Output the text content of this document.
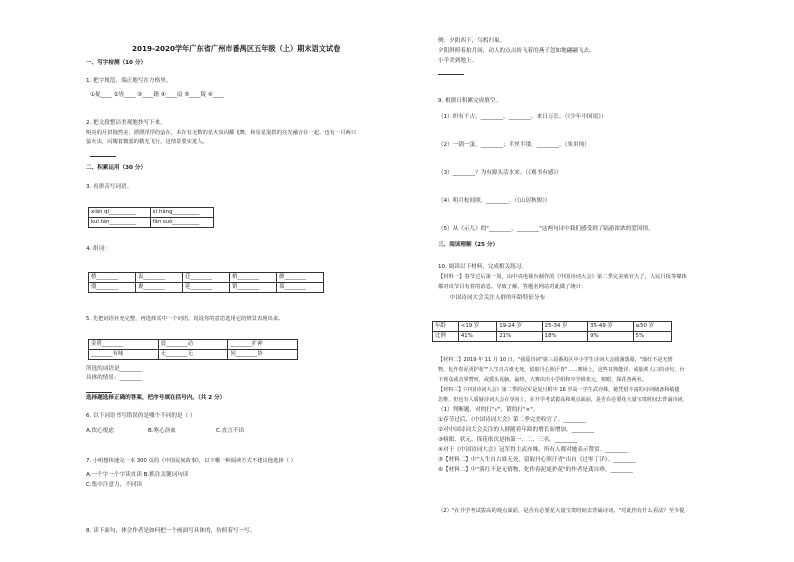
2019-2020学年广东省广州市番禺区五年级（上）期末语文试卷
一、写字检测（10 分）
1. 把字规范、端正地写在方格里。
①捉____ ②皆____ ③____籍 ④____扇 ⑤____陵 ⑥____
2. 把文段整洁美观地抄写下来。
明亮的月饼圆然美，漂漂浮浮的萤在，本在有无数的星火虫闪耀飞舞，和星星混搭的亮光融合在一起，也有一只两只
萤火虫，闪耀着微弱的微光飞行，这情景要实进人。
二、积累运用（30 分）
3. 看拼音写词语。
xiān qi__________	xī hàng__________
kuī tàn__________	fān suǒ__________
4. 组词：
楂________	衷________	廷________	梢________	蘑________
僵________	裹________	延________	销________	慕________
5. 先把词语补充完整，再选择其中一个词语，说说你的意思选用它的情景表现出来。
金碧________	震________动	________扩神
________有味	无________无	同________协
所选的词语是________
具体的情景：________
选择题选择正确的答案，把序号填在括号内。（共 2 分）
6. 以下词语书写错误的是哪个不同的是（ ）
A.饮心悦虑	B.呕心沥血	C.直言不讳
7. 小明想快速完一本 300 页的《中国民间故事》，以下哪一种阅读方式不建议他选择（ ）
A.一个字一个字读直读 B.抓住关键词句读
C.集中注意力，不回读
8. 读下面句，体会作者是如何把一个画面写具体的，仿照着写一写。
例：夕阳西下，乌鸦归巢。
夕阳斜照着拍月间，动人的点点纷飞着的燕子忽如地翩翩飞去。
小羊美到地上。
9. 根据日积累完成填空。
（1）织有千古，________，________，来日万长。（《少年中国说》）
（2）一锅一蛋，________；半丝半缕，________。（朱用纯）
（3）________？为有源头活水来。（《观书有感》）
（4）明月松间照，________。（《山居秋暝》）
（5）从《示儿》的"________，________"这两句诗中我们感受到了陆游浓浓的爱国情。
三、阅读理解（25 分）
10. 阅读以下材料，完成相关练习。
【材料一】春节过后第一周，由中央电视台制作的《中国诗词大会》第二季完美收官大了，人民日报等媒体
都对该节目有着的消息。导致了解，答题名网站对此做了统计：
中国诗词大会关注人群的年龄特征分布
年龄	<19 岁	19-24 岁	25-34 岁	35-49 岁	≥50 岁
比例	41%	21%	18%	9%	5%
【材料二】2019 年 11 月 10 日，"我爱诗词"第三届番禺区中小学生诗词大会圆满落幕，"落红不是无情
物，化作春泥更护花""人生自古谁无死，留取丹心照汗青"……赛场上，这些耳熟能详、或脍炙人口的诗句，台
下观众或击掌赞叹，或摇头晃脑。最终，大赛决出小学组和中学组状元，榜眼，探花各两名。
【材料三】《中国诗词大会》第二季的冠军是复旦附中 16 岁高一学生武亦姝，她凭借丰富的诗词储备和敏捷
思维，但也有人质疑诗词大会在导向上，在升学考试拔高和观点面前，是否有必要花大量宝贵时间去背诵诗词。
（1）判断题，对的打"√"，错的打"×"。
①春节过后，《中国诗词大会》第二季完美收官了。________
②对中国诗词大会关注的人群随着年龄的增长而增加。________
③榜眼、状元、探花依次是指第一、二、三名。________
④对于《中国诗词大会》冠军得主武亦姝，所有人都对她表示赞赏。________
⑤【材料二】中"人生自古谁无死，留取丹心照汗青"出自《过零丁洋》。________
⑥【材料二】中"落红不是无情物，化作春泥更护花"的作者是龚自珍。________
（2）"在升学考试拔高的观点面前，是否有必要花大量宝贵时间去背诵诗词。"对此你有什么看法？至少提
